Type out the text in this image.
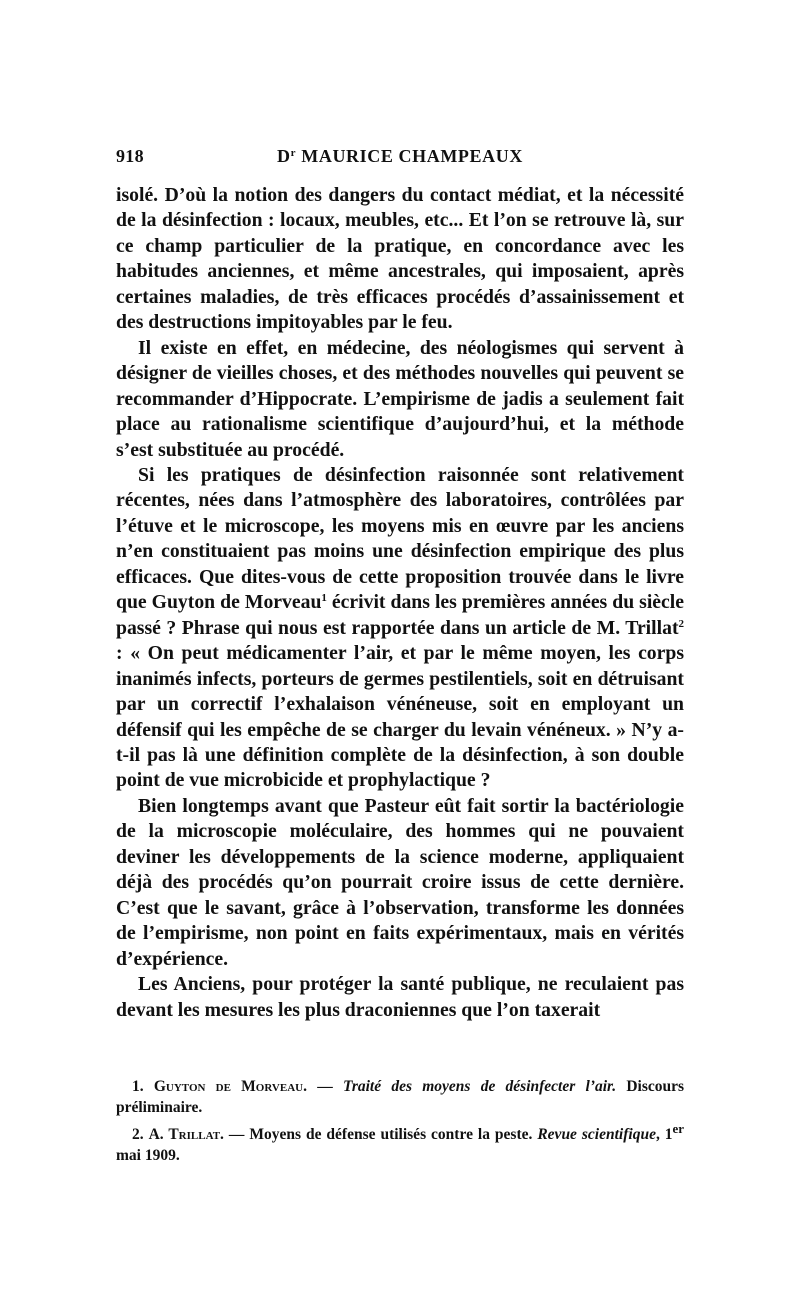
918	$D^r$ MAURICE CHAMPEAUX

isolé. D’où la notion des dangers du contact médiat, et la nécessité de la désinfection : locaux, meubles, etc... Et l’on se retrouve là, sur ce champ particulier de la pratique, en concordance avec les habitudes anciennes, et même ancestrales, qui imposaient, après certaines maladies, de très efficaces procédés d’assainissement et des destructions impitoyables par le feu.

Il existe en effet, en médecine, des néologismes qui servent à désigner de vieilles choses, et des méthodes nouvelles qui peuvent se recommander d’Hippocrate. L’empirisme de jadis a seulement fait place au rationalisme scientifique d’aujourd’hui, et la méthode s’est substituée au procédé.

Si les pratiques de désinfection raisonnée sont relativement récentes, nées dans l’atmosphère des laboratoires, contrôlées par l’étuve et le microscope, les moyens mis en œuvre par les anciens n’en constituaient pas moins une désinfection empirique des plus efficaces. Que dites-vous de cette proposition trouvée dans le livre que Guyton de Morveau$^1$ écrivit dans les premières années du siècle passé ? Phrase qui nous est rapportée dans un article de M. Trillat$^2$ : « On peut médicamenter l’air, et par le même moyen, les corps inanimés infects, porteurs de germes pestilentiels, soit en détruisant par un correctif l’exhalaison vénéneuse, soit en employant un défensif qui les empêche de se charger du levain vénéneux. » N’y a-t-il pas là une définition complète de la désinfection, à son double point de vue microbicide et prophylactique ?

Bien longtemps avant que Pasteur eût fait sortir la bactériologie de la microscopie moléculaire, des hommes qui ne pouvaient deviner les développements de la science moderne, appliquaient déjà des procédés qu’on pourrait croire issus de cette dernière. C’est que le savant, grâce à l’observation, transforme les données de l’empirisme, non point en faits expérimentaux, mais en vérités d’expérience.

Les Anciens, pour protéger la santé publique, ne reculaient pas devant les mesures les plus draconiennes que l’on taxerait

1. Guyton de Morveau. — Traité des moyens de désinfecter l’air. Discours préliminaire.

2. A. Trillat. — Moyens de défense utilisés contre la peste. Revue scientifique, 1er mai 1909.
